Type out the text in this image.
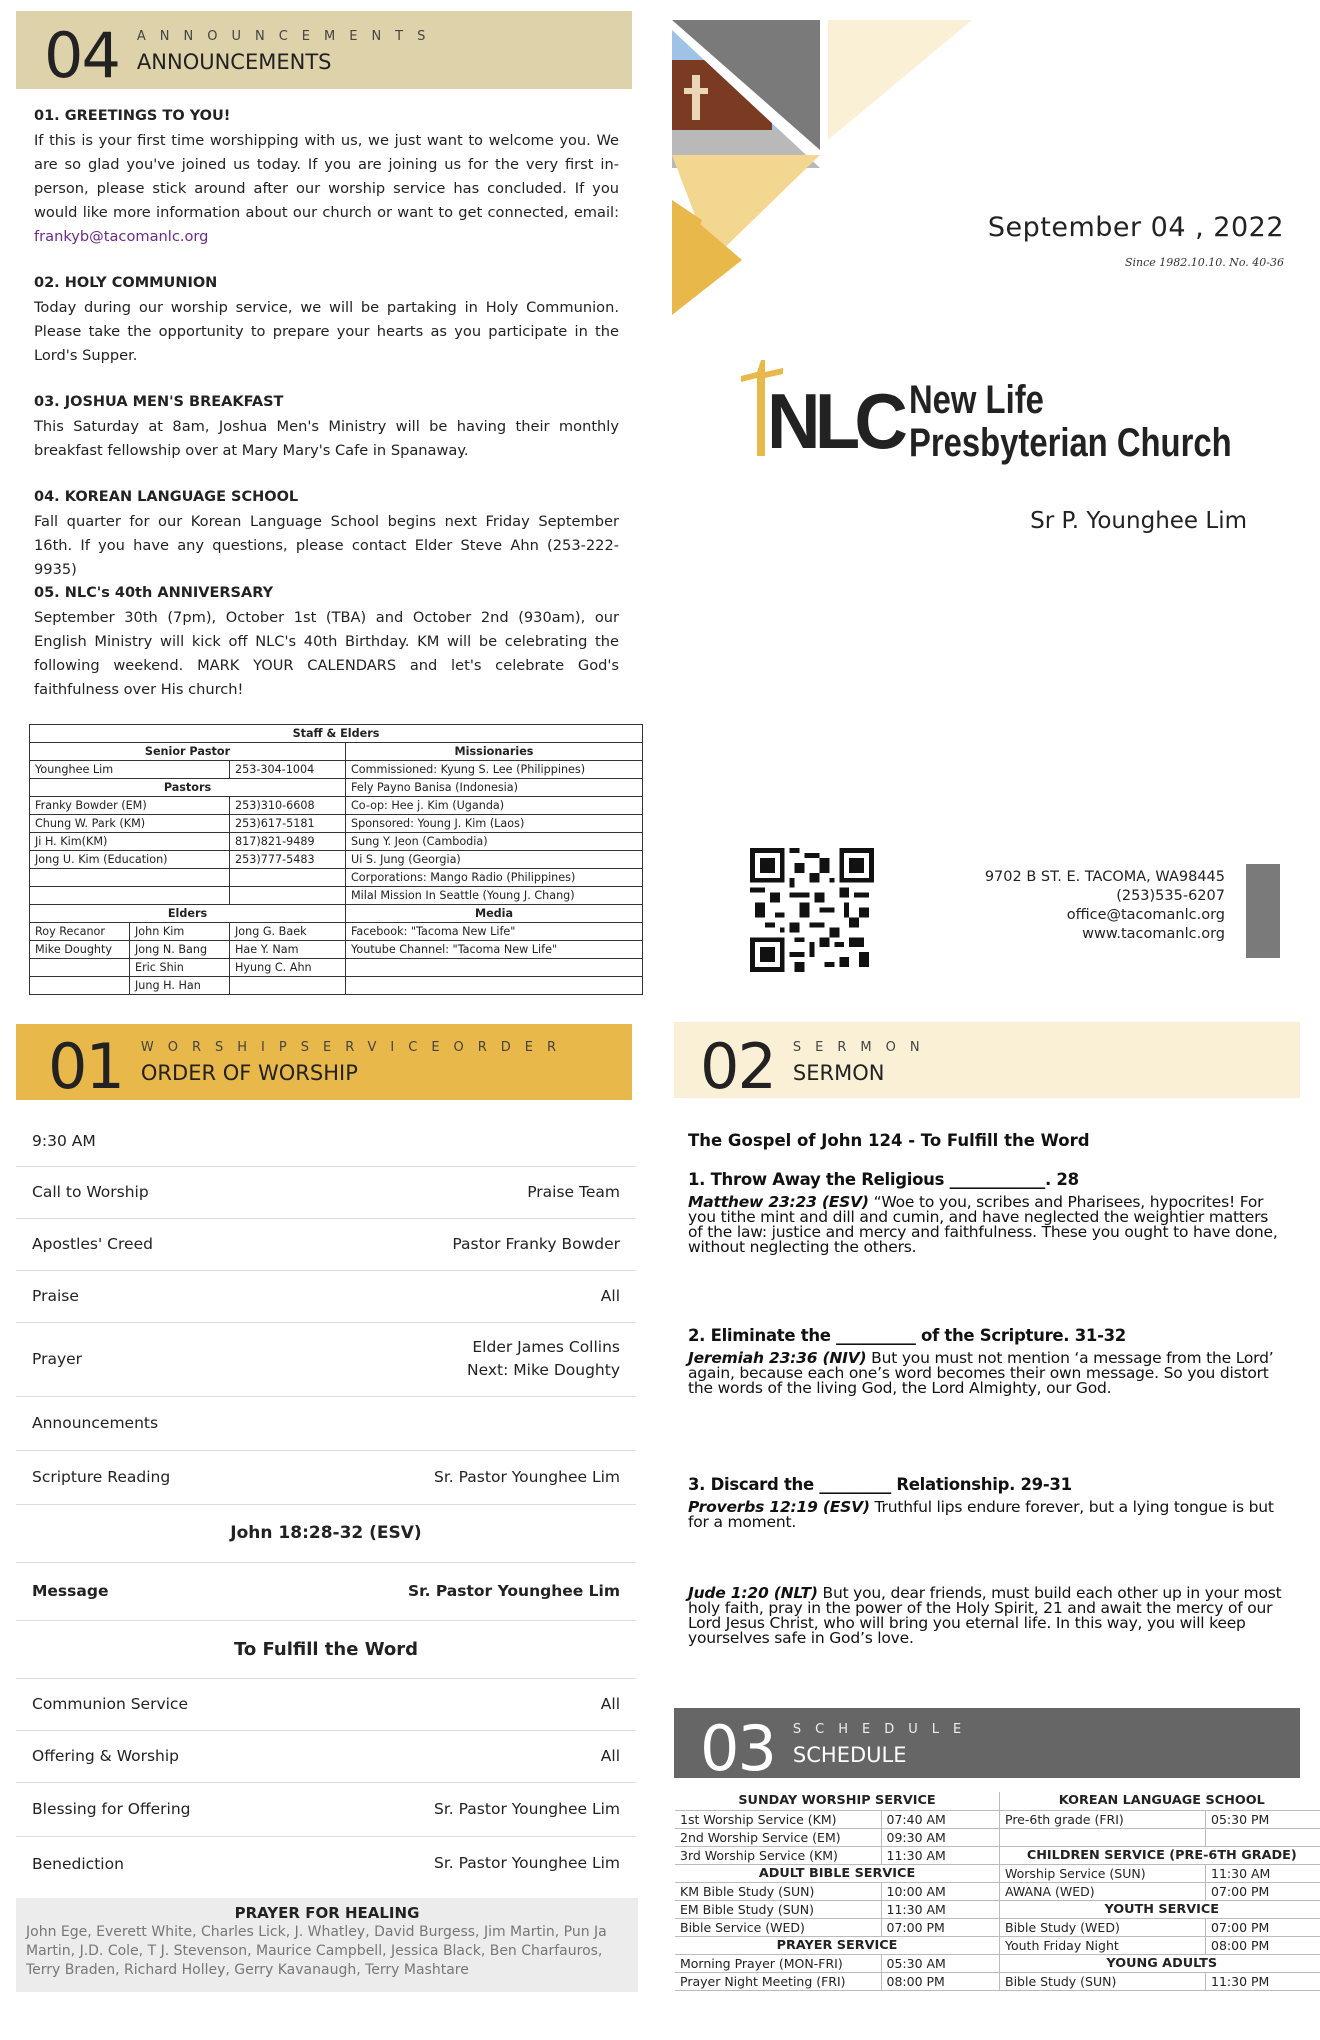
04 ANNOUNCEMENTS
ANNOUNCEMENTS
01. GREETINGS TO YOU!

If this is your first time worshipping with us, we just want to welcome you. We are so glad you've joined us today. If you are joining us for the very first in-person, please stick around after our worship service has concluded. If you would like more information about our church or want to get connected, email: frankyb@tacomanlc.org

02. HOLY COMMUNION

Today during our worship service, we will be partaking in Holy Communion. Please take the opportunity to prepare your hearts as you participate in the Lord's Supper.

03. JOSHUA MEN'S BREAKFAST

This Saturday at 8am, Joshua Men's Ministry will be having their monthly breakfast fellowship over at Mary Mary's Cafe in Spanaway.

04. KOREAN LANGUAGE SCHOOL

Fall quarter for our Korean Language School begins next Friday September 16th. If you have any questions, please contact Elder Steve Ahn (253-222-9935)

05. NLC's 40th ANNIVERSARY

September 30th (7pm), October 1st (TBA) and October 2nd (930am), our English Ministry will kick off NLC's 40th Birthday. KM will be celebrating the following weekend. MARK YOUR CALENDARS and let's celebrate God's faithfulness over His church!

Staff & Elders			
Senior Pastor			Missionaries
Younghee Lim		253-304-1004	Commissioned: Kyung S. Lee (Philippines)
Pastors			Fely Payno Banisa (Indonesia)
Franky Bowder (EM)		253)310-6608	Co-op: Hee j. Kim (Uganda)
Chung W. Park (KM)		253)617-5181	Sponsored: Young J. Kim (Laos)
Ji H. Kim(KM)		817)821-9489	Sung Y. Jeon (Cambodia)
Jong U. Kim (Education)		253)777-5483	Ui S. Jung (Georgia)
			Corporations: Mango Radio (Philippines)
			Milal Mission In Seattle (Young J. Chang)
Elders			Media
Roy Recanor	John Kim	Jong G. Baek	Facebook: "Tacoma New Life"
Mike Doughty	Jong N. Bang	Hae Y. Nam	Youtube Channel: "Tacoma New Life"
	Eric Shin	Hyung C. Ahn	
	Jung H. Han		
September 04 , 2022
Since 1982.10.10. No. 40-36
NLC New Life
Presbyterian Church
Sr P. Younghee Lim
9702 B ST. E. TACOMA, WA98445
(253)535-6207
office@tacomanlc.org
www.tacomanlc.org
01 WORSHIPSERVICEORDER
ORDER OF WORSHIP
9:30 AM
Call to Worship	Praise Team
Apostles' Creed	Pastor Franky Bowder
Praise	All
Prayer
Elder James Collins
Next: Mike Doughty
Announcements
Scripture Reading	Sr. Pastor Younghee Lim
John 18:28-32 (ESV)
Message	Sr. Pastor Younghee Lim
To Fulfill the Word
Communion Service	All
Offering & Worship	All
Blessing for Offering	Sr. Pastor Younghee Lim
Benediction	Sr. Pastor Younghee Lim
PRAYER FOR HEALING
John Ege, Everett White, Charles Lick, J. Whatley, David Burgess, Jim Martin, Pun Ja Martin, J.D. Cole, T J. Stevenson, Maurice Campbell, Jessica Black, Ben Charfauros, Terry Braden, Richard Holley, Gerry Kavanaugh, Terry Mashtare
02 SERMON
SERMON
The Gospel of John 124 - To Fulfill the Word
1. Throw Away the Religious ____________. 28
Matthew 23:23 (ESV) “Woe to you, scribes and Pharisees, hypocrites! For you tithe mint and dill and cumin, and have neglected the weightier matters of the law: justice and mercy and faithfulness. These you ought to have done, without neglecting the others.
2. Eliminate the __________ of the Scripture. 31-32
Jeremiah 23:36 (NIV) But you must not mention ‘a message from the Lord’ again, because each one’s word becomes their own message. So you distort the words of the living God, the Lord Almighty, our God.
3. Discard the _________ Relationship. 29-31
Proverbs 12:19 (ESV) Truthful lips endure forever, but a lying tongue is but for a moment.
Jude 1:20 (NLT) But you, dear friends, must build each other up in your most holy faith, pray in the power of the Holy Spirit, 21 and await the mercy of our Lord Jesus Christ, who will bring you eternal life. In this way, you will keep yourselves safe in God’s love.
03 SCHEDULE
SCHEDULE
SUNDAY WORSHIP SERVICE	
1st Worship Service (KM)	07:40 AM
2nd Worship Service (EM)	09:30 AM
3rd Worship Service (KM)	11:30 AM
ADULT BIBLE SERVICE	
KM Bible Study (SUN)	10:00 AM
EM Bible Study (SUN)	11:30 AM
Bible Service (WED)	07:00 PM
PRAYER SERVICE	
Morning Prayer (MON-FRI)	05:30 AM
Prayer Night Meeting (FRI)	08:00 PM
KOREAN LANGUAGE SCHOOL	
Pre-6th grade (FRI)	05:30 PM

CHILDREN SERVICE (PRE-6TH GRADE)	
Worship Service (SUN)	11:30 AM
AWANA (WED)	07:00 PM
YOUTH SERVICE	
Bible Study (WED)	07:00 PM
Youth Friday Night	08:00 PM
YOUNG ADULTS	
Bible Study (SUN)	11:30 PM
